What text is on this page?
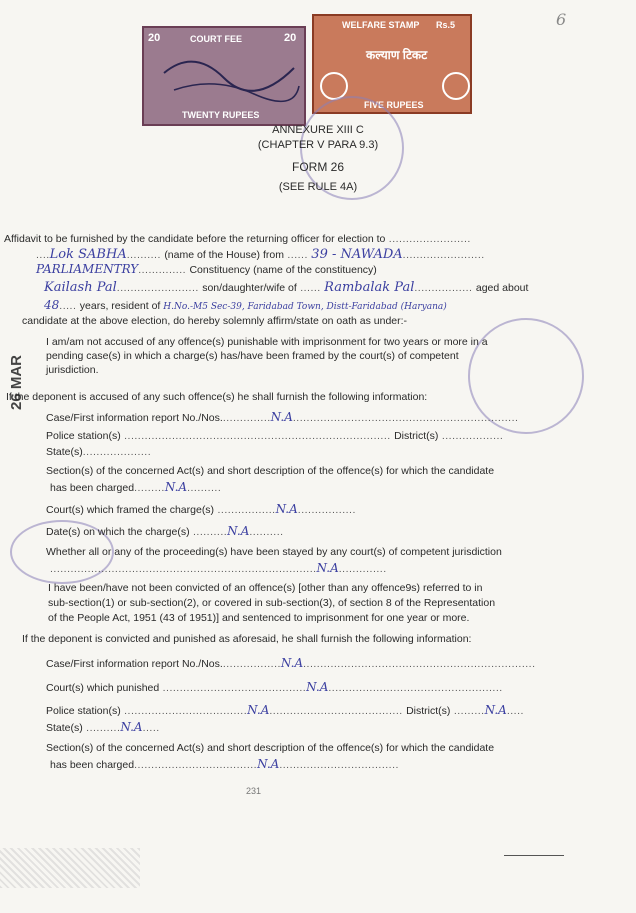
6
20	COURT FEE	20
TWENTY RUPEES
WELFARE STAMP Rs.5
कल्याण टिकट
FIVE RUPEES
ANNEXURE XIII C
(CHAPTER V PARA 9.3)
FORM 26
(SEE RULE 4A)
Affidavit to be furnished by the candidate before the returning officer for election to ........................
....Lok SABHA.......... (name of the House) from ...... 39 - NAWADA........................
PARLIAMENTRY.............. Constituency (name of the constituency)
Kailash Pal........................ son/daughter/wife of ...... Rambalak Pal................. aged about
48..... years, resident of H.No.-M5 Sec-39, Faridabad Town, Distt-Faridabad (Haryana)
candidate at the above election, do hereby solemnly affirm/state on oath as under:-
26 MAR
I am/am not accused of any offence(s) punishable with imprisonment for two years or more in a
pending case(s) in which a charge(s) has/have been framed by the court(s) of competent
jurisdiction.
If the deponent is accused of any such offence(s) he shall furnish the following information:
Case/First information report No./Nos...............N.A..................................................................
Police station(s) .............................................................................. District(s) ..................
State(s)....................
Section(s) of the concerned Act(s) and short description of the offence(s) for which the candidate
has been charged.........N.A..........
Court(s) which framed the charge(s) .................N.A.................
Date(s) on which the charge(s) ..........N.A..........
Whether all or any of the proceeding(s) have been stayed by any court(s) of competent jurisdiction
..............................................................................N.A..............
I have been/have not been convicted of an offence(s) [other than any offence9s) referred to in
sub-section(1) or sub-section(2), or covered in sub-section(3), of section 8 of the Representation
of the People Act, 1951 (43 of 1951)] and sentenced to imprisonment for one year or more.
If the deponent is convicted and punished as aforesaid, he shall furnish the following information:
Case/First information report No./Nos..................N.A....................................................................
Court(s) which punished ..........................................N.A...................................................
Police station(s) ....................................N.A....................................... District(s) .........N.A.....
State(s) ..........N.A.....
Section(s) of the concerned Act(s) and short description of the offence(s) for which the candidate
has been charged....................................N.A...................................
231
